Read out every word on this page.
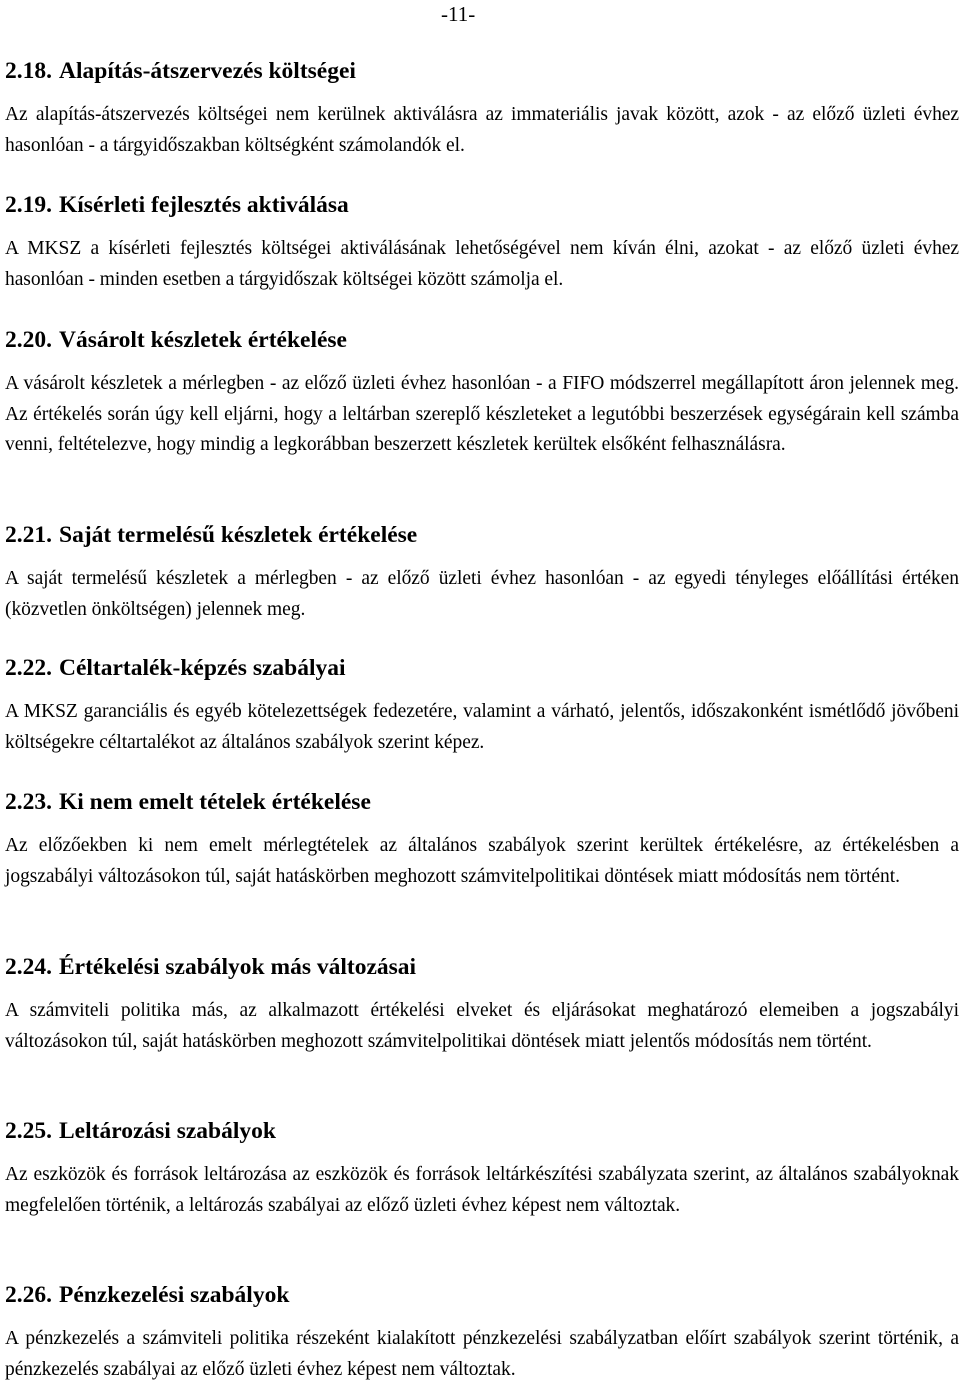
-11-
2.18. Alapítás-átszervezés költségei

Az alapítás-átszervezés költségei nem kerülnek aktiválásra az immateriális javak között, azok - az előző üzleti évhez hasonlóan - a tárgyidőszakban költségként számolandók el.

2.19. Kísérleti fejlesztés aktiválása

A MKSZ a kísérleti fejlesztés költségei aktiválásának lehetőségével nem kíván élni, azokat - az előző üzleti évhez hasonlóan - minden esetben a tárgyidőszak költségei között számolja el.

2.20. Vásárolt készletek értékelése

A vásárolt készletek a mérlegben - az előző üzleti évhez hasonlóan - a FIFO módszerrel megállapított áron jelennek meg. Az értékelés során úgy kell eljárni, hogy a leltárban szereplő készleteket a legutóbbi beszerzések egységárain kell számba venni, feltételezve, hogy mindig a legkorábban beszerzett készletek kerültek elsőként felhasználásra.

2.21. Saját termelésű készletek értékelése

A saját termelésű készletek a mérlegben - az előző üzleti évhez hasonlóan - az egyedi tényleges előállítási értéken (közvetlen önköltségen) jelennek meg.

2.22. Céltartalék-képzés szabályai

A MKSZ garanciális és egyéb kötelezettségek fedezetére, valamint a várható, jelentős, időszakonként ismétlődő jövőbeni költségekre céltartalékot az általános szabályok szerint képez.

2.23. Ki nem emelt tételek értékelése

Az előzőekben ki nem emelt mérlegtételek az általános szabályok szerint kerültek értékelésre, az értékelésben a jogszabályi változásokon túl, saját hatáskörben meghozott számvitelpolitikai döntések miatt módosítás nem történt.

2.24. Értékelési szabályok más változásai

A számviteli politika más, az alkalmazott értékelési elveket és eljárásokat meghatározó elemeiben a jogszabályi változásokon túl, saját hatáskörben meghozott számvitelpolitikai döntések miatt jelentős módosítás nem történt.

2.25. Leltározási szabályok

Az eszközök és források leltározása az eszközök és források leltárkészítési szabályzata szerint, az általános szabályoknak megfelelően történik, a leltározás szabályai az előző üzleti évhez képest nem változtak.

2.26. Pénzkezelési szabályok

A pénzkezelés a számviteli politika részeként kialakított pénzkezelési szabályzatban előírt szabályok szerint történik, a pénzkezelés szabályai az előző üzleti évhez képest nem változtak.
